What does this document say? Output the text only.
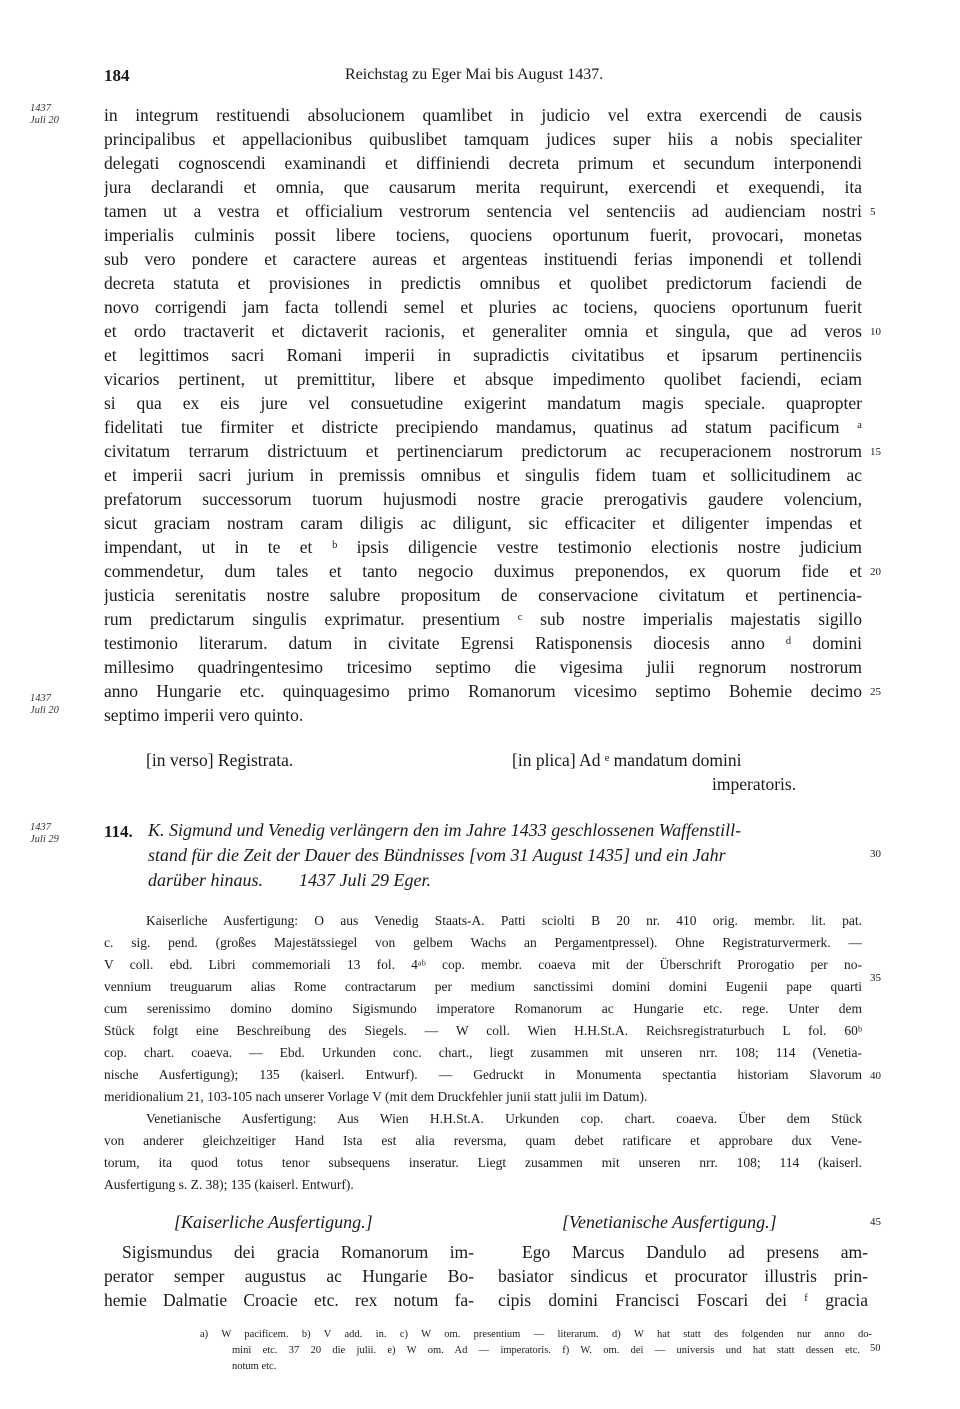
184	Reichstag zu Eger Mai bis August 1437.
1437
Juli 20
1437
Juli 20
1437
Juli 29
in integrum restituendi absolucionem quamlibet in judicio vel extra exercendi de causis
principalibus et appellacionibus quibuslibet tamquam judices super hiis a nobis specialiter
delegati cognoscendi examinandi et diffiniendi decreta primum et secundum interponendi
jura declarandi et omnia, que causarum merita requirunt, exercendi et exequendi, ita
tamen ut a vestra et officialium vestrorum sentencia vel sentenciis ad audienciam nostri
imperialis culminis possit libere tociens, quociens oportunum fuerit, provocari, monetas
sub vero pondere et caractere aureas et argenteas instituendi ferias imponendi et tollendi
decreta statuta et provisiones in predictis omnibus et quolibet predictorum faciendi de
novo corrigendi jam facta tollendi semel et pluries ac tociens, quociens oportunum fuerit
et ordo tractaverit et dictaverit racionis, et generaliter omnia et singula, que ad veros
et legittimos sacri Romani imperii in supradictis civitatibus et ipsarum pertinenciis
vicarios pertinent, ut premittitur, libere et absque impedimento quolibet faciendi, eciam
si qua ex eis jure vel consuetudine exigerint mandatum magis speciale. quapropter
fidelitati tue firmiter et districte precipiendo mandamus, quatinus ad statum pacificum ᵃ
civitatum terrarum districtuum et pertinenciarum predictorum ac recuperacionem nostrorum
et imperii sacri jurium in premissis omnibus et singulis fidem tuam et sollicitudinem ac
prefatorum successorum tuorum hujusmodi nostre gracie prerogativis gaudere volencium,
sicut graciam nostram caram diligis ac diligunt, sic efficaciter et diligenter impendas et
impendant, ut in te et ᵇ ipsis diligencie vestre testimonio electionis nostre judicium
commendetur, dum tales et tanto negocio duximus preponendos, ex quorum fide et
justicia serenitatis nostre salubre propositum de conservacione civitatum et pertinencia-
rum predictarum singulis exprimatur. presentium ᶜ sub nostre imperialis majestatis sigillo
testimonio literarum. datum in civitate Egrensi Ratisponensis diocesis anno ᵈ domini
millesimo quadringentesimo tricesimo septimo die vigesima julii regnorum nostrorum
anno Hungarie etc. quinquagesimo primo Romanorum vicesimo septimo Bohemie decimo
septimo imperii vero quinto.
5
10
15
20
25
[in verso] Registrata.	[in plica] Ad ᵉ mandatum domini
imperatoris.
114. K. Sigmund und Venedig verlängern den im Jahre 1433 geschlossenen Waffenstill-
stand für die Zeit der Dauer des Bündnisses [vom 31 August 1435] und ein Jahr
darüber hinaus.        1437 Juli 29 Eger.
30
Kaiserliche Ausfertigung: O aus Venedig Staats-A. Patti sciolti B 20 nr. 410 orig. membr. lit. pat.
c. sig. pend. (großes Majestätssiegel von gelbem Wachs an Pergamentpressel). Ohne Registraturvermerk. —
V coll. ebd. Libri commemoriali 13 fol. 4ᵃᵇ cop. membr. coaeva mit der Überschrift Prorogatio per no-
vennium treuguarum alias Rome contractarum per medium sanctissimi domini domini Eugenii pape quarti
cum serenissimo domino domino Sigismundo imperatore Romanorum ac Hungarie etc. rege. Unter dem
Stück folgt eine Beschreibung des Siegels. — W coll. Wien H.H.St.A. Reichsregistraturbuch L fol. 60ᵇ
cop. chart. coaeva. — Ebd. Urkunden conc. chart., liegt zusammen mit unseren nrr. 108; 114 (Venetia-
nische Ausfertigung); 135 (kaiserl. Entwurf). — Gedruckt in Monumenta spectantia historiam Slavorum
meridionalium 21, 103-105 nach unserer Vorlage V (mit dem Druckfehler junii statt julii im Datum).
Venetianische Ausfertigung: Aus Wien H.H.St.A. Urkunden cop. chart. coaeva. Über dem Stück
von anderer gleichzeitiger Hand Ista est alia reversma, quam debet ratificare et approbare dux Vene-
torum, ita quod totus tenor subsequens inseratur. Liegt zusammen mit unseren nrr. 108; 114 (kaiserl.
Ausfertigung s. Z. 38); 135 (kaiserl. Entwurf).
35
40
[Kaiserliche Ausfertigung.]	[Venetianische Ausfertigung.]	45
Sigismundus dei gracia Romanorum im-
perator semper augustus ac Hungarie Bo-
hemie Dalmatie Croacie etc. rex notum fa-
Ego Marcus Dandulo ad presens am-
basiator sindicus et procurator illustris prin-
cipis domini Francisci Foscari dei ᶠ gracia
a) W pacificem. b) V add. in. c) W om. presentium — literarum. d) W hat statt des folgenden nur anno do-
mini etc. 37 20 die julii. e) W om. Ad — imperatoris. f) W. om. dei — universis und hat statt dessen etc.
notum etc.
50
